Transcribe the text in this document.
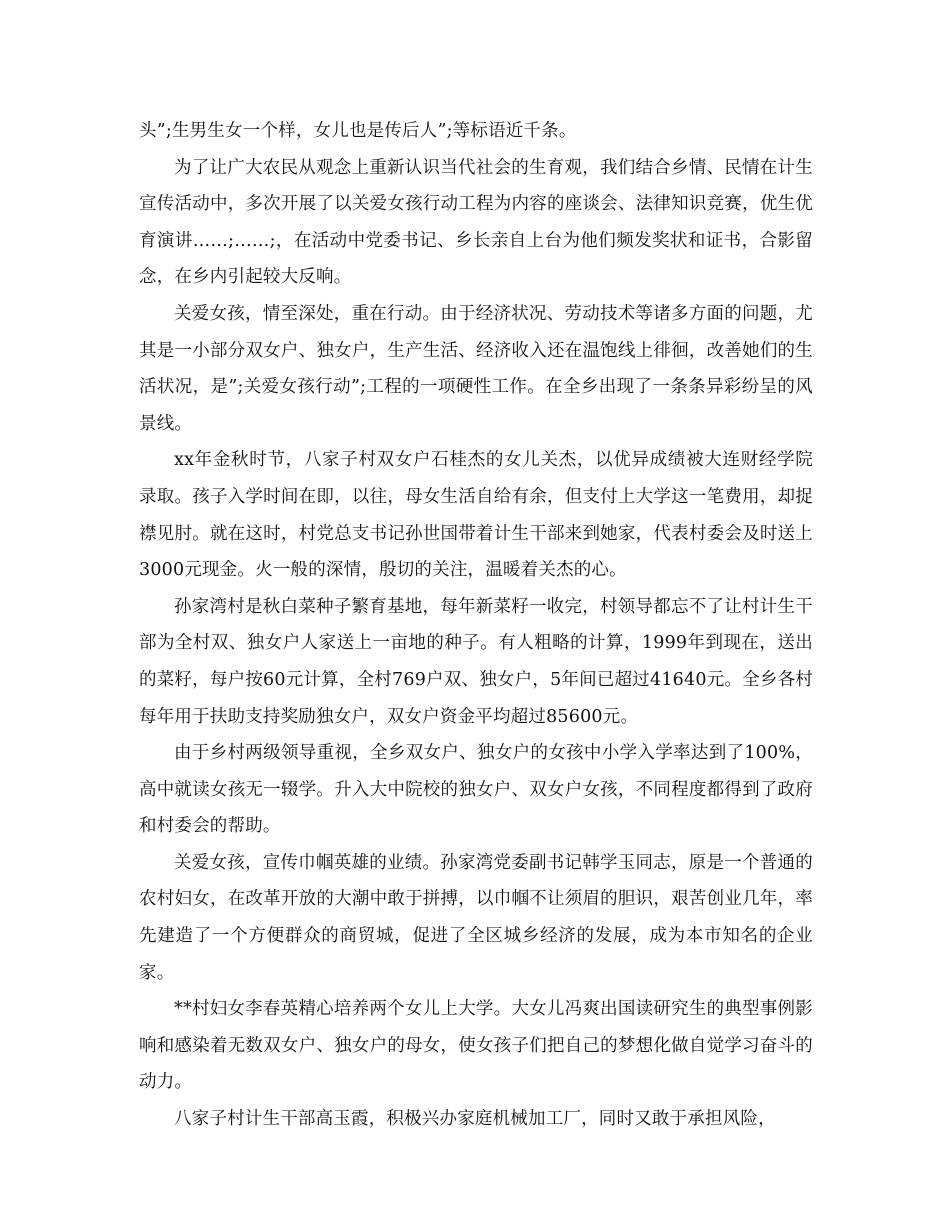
头”;生男生女一个样，女儿也是传后人”;等标语近千条。

为了让广大农民从观念上重新认识当代社会的生育观，我们结合乡情、民情在计生宣传活动中，多次开展了以关爱女孩行动工程为内容的座谈会、法律知识竞赛，优生优育演讲……;……;，在活动中党委书记、乡长亲自上台为他们频发奖状和证书，合影留念，在乡内引起较大反响。

关爱女孩，情至深处，重在行动。由于经济状况、劳动技术等诸多方面的问题，尤其是一小部分双女户、独女户，生产生活、经济收入还在温饱线上徘徊，改善她们的生活状况，是”;关爱女孩行动”;工程的一项硬性工作。在全乡出现了一条条异彩纷呈的风景线。

xx年金秋时节，八家子村双女户石桂杰的女儿关杰，以优异成绩被大连财经学院录取。孩子入学时间在即，以往，母女生活自给有余，但支付上大学这一笔费用，却捉襟见肘。就在这时，村党总支书记孙世国带着计生干部来到她家，代表村委会及时送上3000元现金。火一般的深情，殷切的关注，温暖着关杰的心。

孙家湾村是秋白菜种子繁育基地，每年新菜籽一收完，村领导都忘不了让村计生干部为全村双、独女户人家送上一亩地的种子。有人粗略的计算，1999年到现在，送出的菜籽，每户按60元计算，全村769户双、独女户，5年间已超过41640元。全乡各村每年用于扶助支持奖励独女户，双女户资金平均超过85600元。

由于乡村两级领导重视，全乡双女户、独女户的女孩中小学入学率达到了100%，高中就读女孩无一辍学。升入大中院校的独女户、双女户女孩，不同程度都得到了政府和村委会的帮助。

关爱女孩，宣传巾帼英雄的业绩。孙家湾党委副书记韩学玉同志，原是一个普通的农村妇女，在改革开放的大潮中敢于拼搏，以巾帼不让须眉的胆识，艰苦创业几年，率先建造了一个方便群众的商贸城，促进了全区城乡经济的发展，成为本市知名的企业家。

**村妇女李春英精心培养两个女儿上大学。大女儿冯爽出国读研究生的典型事例影响和感染着无数双女户、独女户的母女，使女孩子们把自己的梦想化做自觉学习奋斗的动力。

八家子村计生干部高玉霞，积极兴办家庭机械加工厂，同时又敢于承担风险，
